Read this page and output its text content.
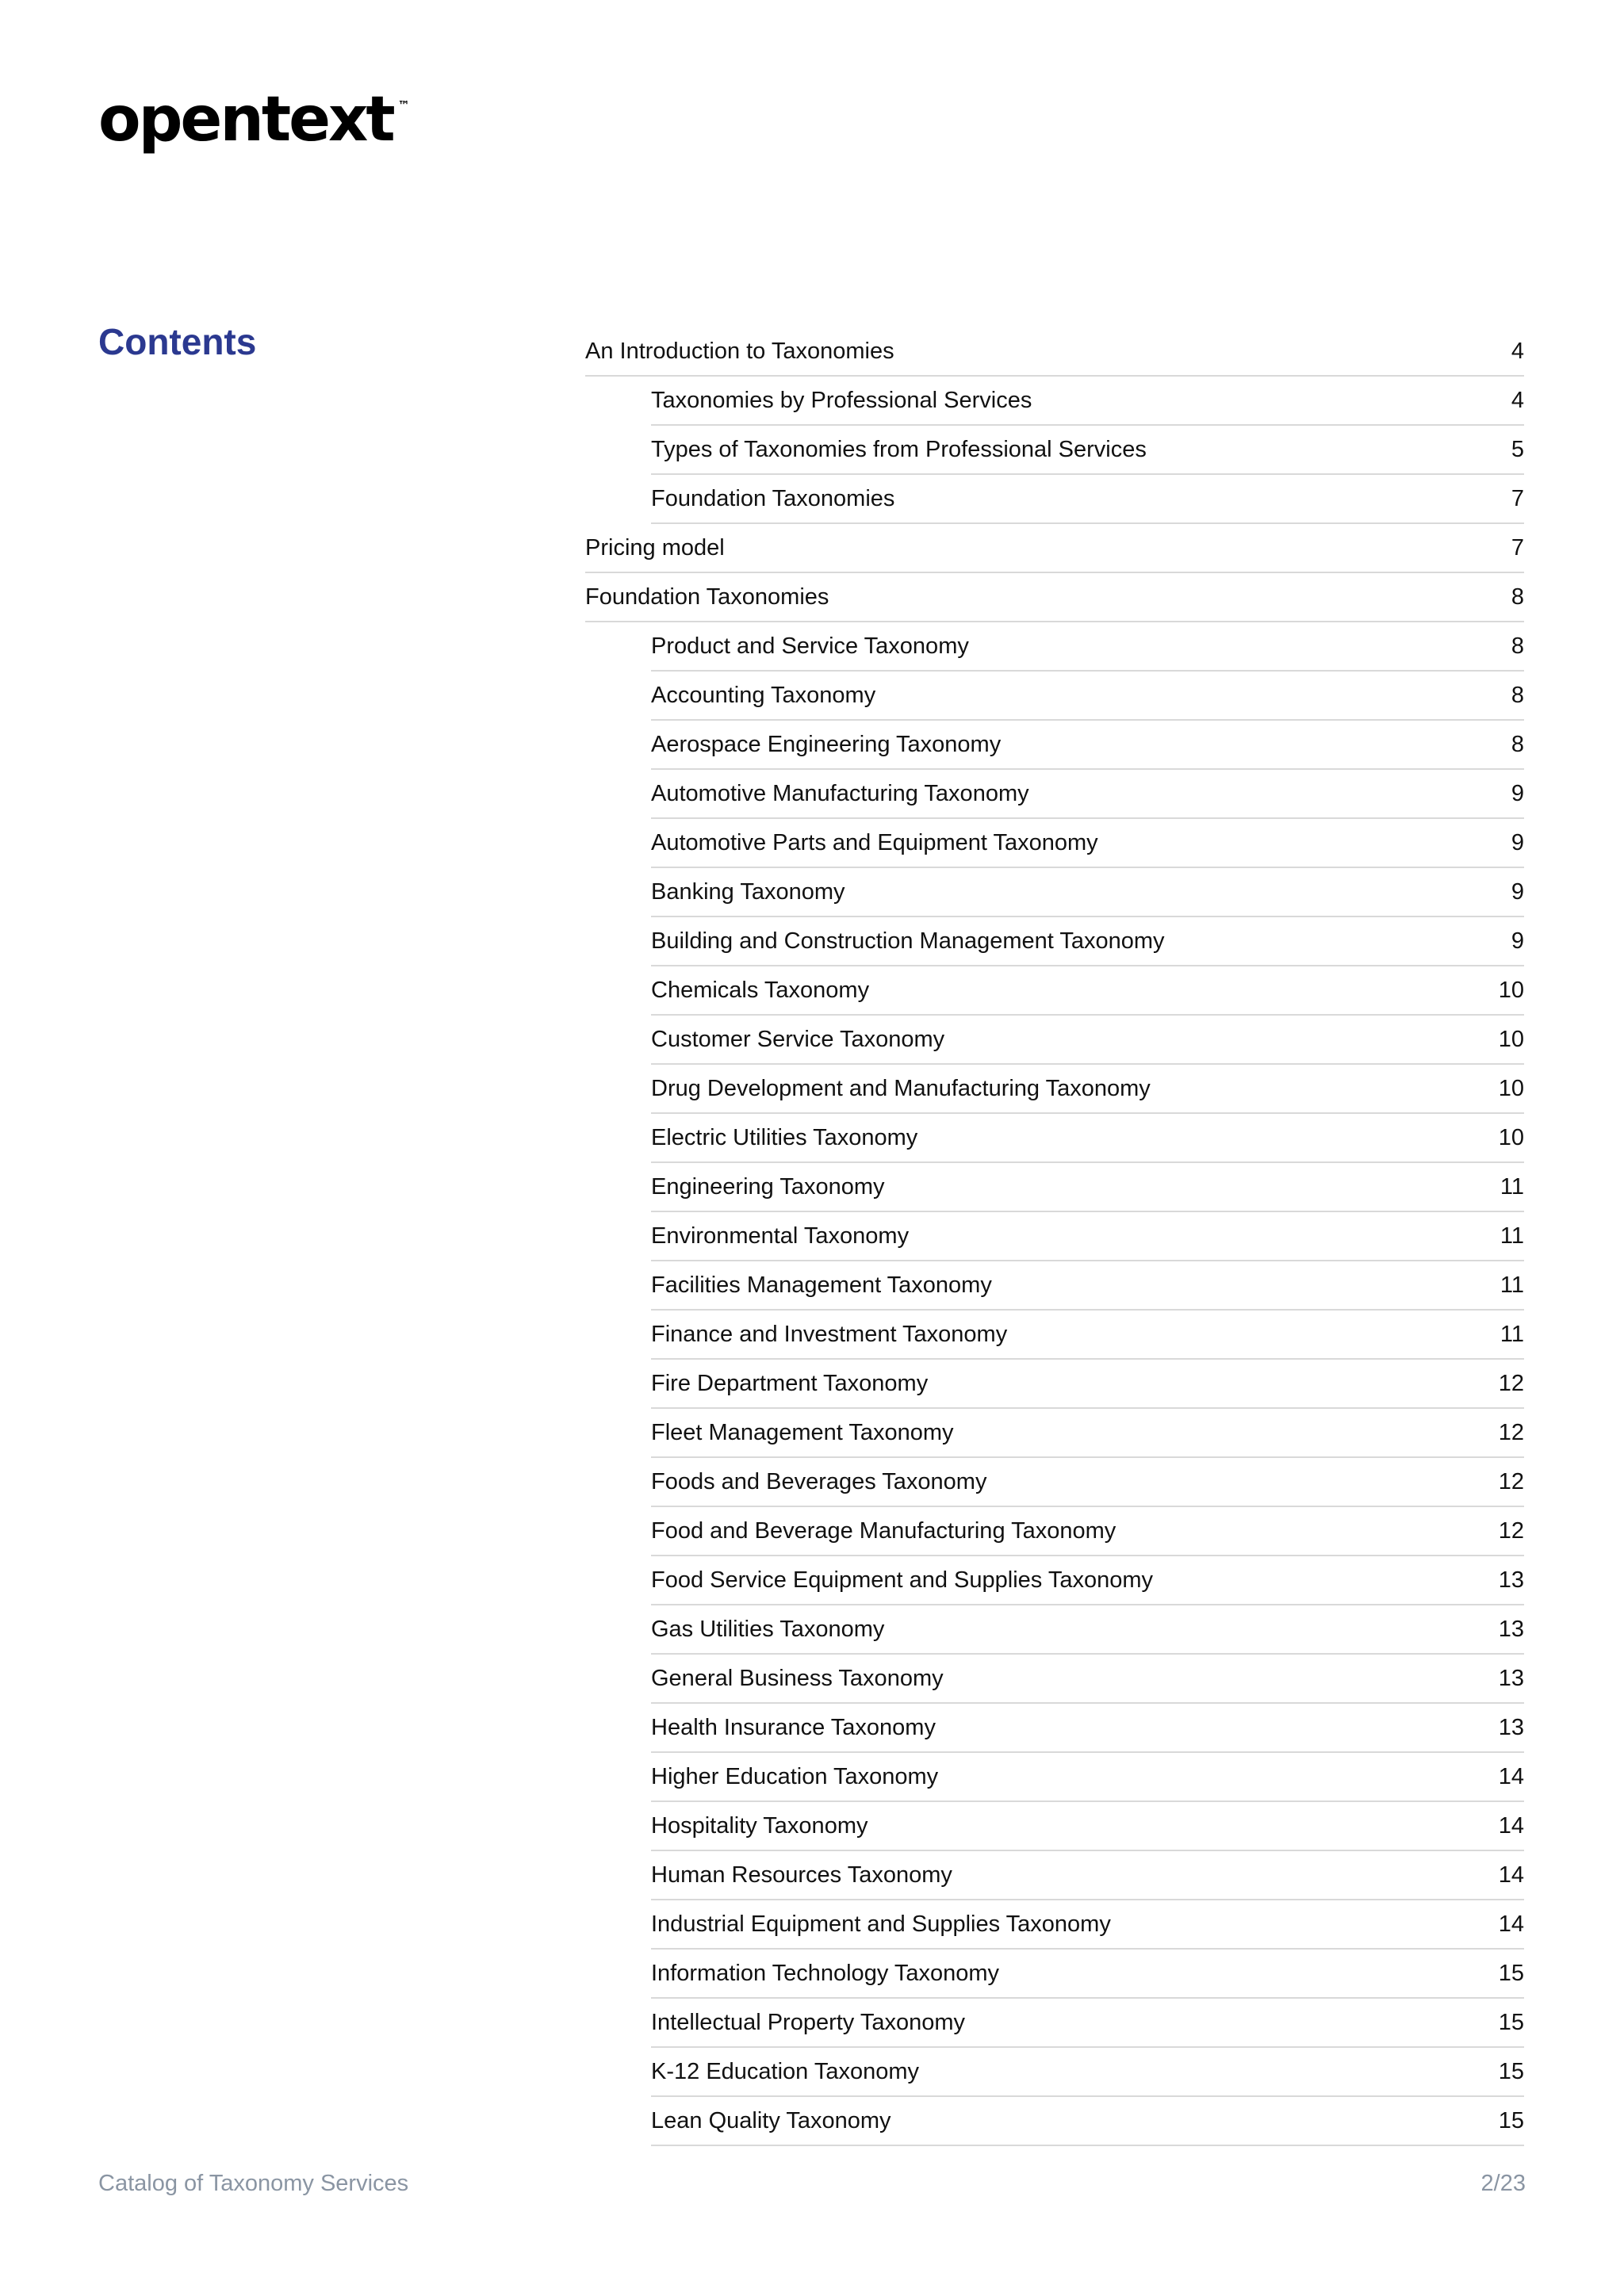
opentext ™
Contents	An Introduction to Taxonomies	4
Taxonomies by Professional Services	4
Types of Taxonomies from Professional Services	5
Foundation Taxonomies	7
Pricing model	7
Foundation Taxonomies	8
Product and Service Taxonomy	8
Accounting Taxonomy	8
Aerospace Engineering Taxonomy	8
Automotive Manufacturing Taxonomy	9
Automotive Parts and Equipment Taxonomy	9
Banking Taxonomy	9
Building and Construction Management Taxonomy	9
Chemicals Taxonomy	10
Customer Service Taxonomy	10
Drug Development and Manufacturing Taxonomy	10
Electric Utilities Taxonomy	10
Engineering Taxonomy	11
Environmental Taxonomy	11
Facilities Management Taxonomy	11
Finance and Investment Taxonomy	11
Fire Department Taxonomy	12
Fleet Management Taxonomy	12
Foods and Beverages Taxonomy	12
Food and Beverage Manufacturing Taxonomy	12
Food Service Equipment and Supplies Taxonomy	13
Gas Utilities Taxonomy	13
General Business Taxonomy	13
Health Insurance Taxonomy	13
Higher Education Taxonomy	14
Hospitality Taxonomy	14
Human Resources Taxonomy	14
Industrial Equipment and Supplies Taxonomy	14
Information Technology Taxonomy	15
Intellectual Property Taxonomy	15
K-12 Education Taxonomy	15
Lean Quality Taxonomy	15
Catalog of Taxonomy Services	2/23
